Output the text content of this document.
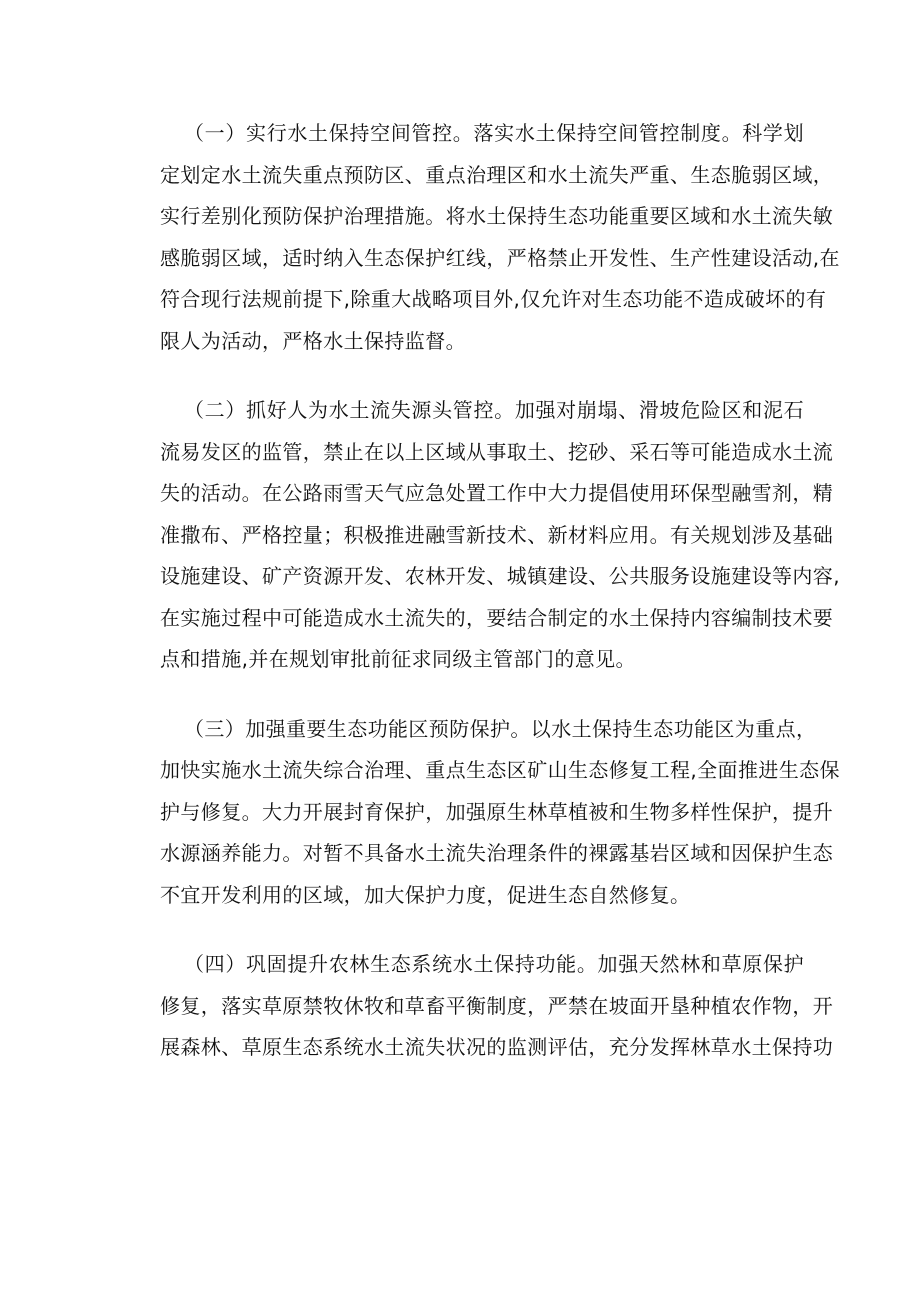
（一）实行水土保持空间管控。落实水土保持空间管控制度。科学划
定划定水土流失重点预防区、重点治理区和水土流失严重、生态脆弱区域，
实行差别化预防保护治理措施。将水土保持生态功能重要区域和水土流失敏
感脆弱区域，适时纳入生态保护红线，严格禁止开发性、生产性建设活动,在
符合现行法规前提下,除重大战略项目外,仅允许对生态功能不造成破坏的有
限人为活动，严格水土保持监督。
（二）抓好人为水土流失源头管控。加强对崩塌、滑坡危险区和泥石
流易发区的监管，禁止在以上区域从事取土、挖砂、采石等可能造成水土流
失的活动。在公路雨雪天气应急处置工作中大力提倡使用环保型融雪剂，精
准撒布、严格控量；积极推进融雪新技术、新材料应用。有关规划涉及基础
设施建设、矿产资源开发、农林开发、城镇建设、公共服务设施建设等内容,
在实施过程中可能造成水土流失的，要结合制定的水土保持内容编制技术要
点和措施,并在规划审批前征求同级主管部门的意见。
（三）加强重要生态功能区预防保护。以水土保持生态功能区为重点，
加快实施水土流失综合治理、重点生态区矿山生态修复工程,全面推进生态保
护与修复。大力开展封育保护，加强原生林草植被和生物多样性保护，提升
水源涵养能力。对暂不具备水土流失治理条件的裸露基岩区域和因保护生态
不宜开发利用的区域，加大保护力度，促进生态自然修复。
（四）巩固提升农林生态系统水土保持功能。加强天然林和草原保护
修复，落实草原禁牧休牧和草畜平衡制度，严禁在坡面开垦种植农作物，开
展森林、草原生态系统水土流失状况的监测评估，充分发挥林草水土保持功
